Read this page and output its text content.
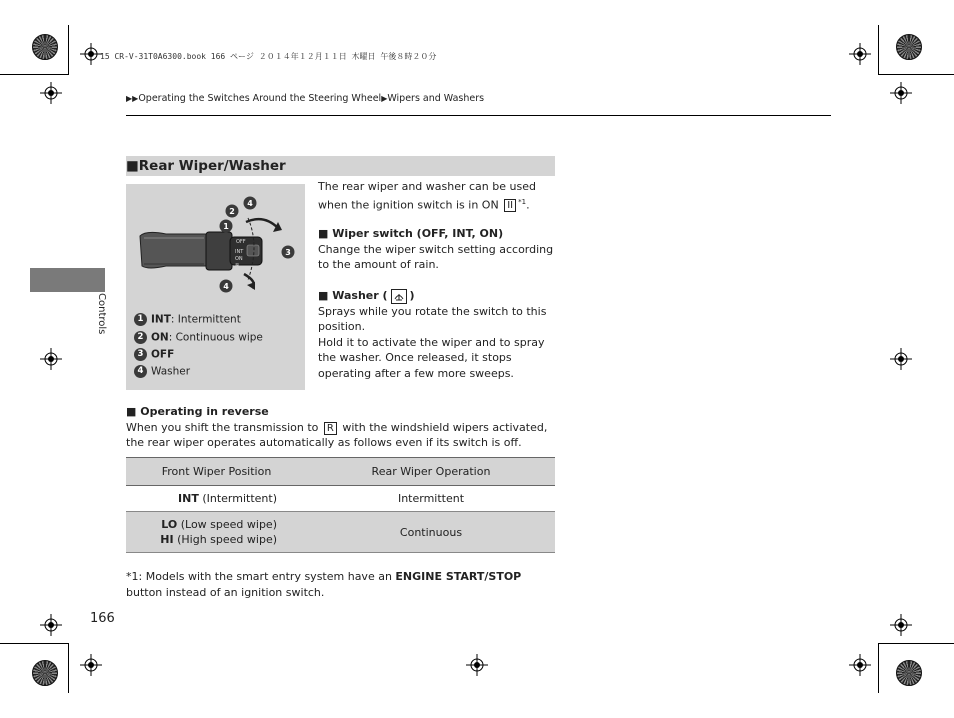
15 CR-V-31T0A6300.book 166 ページ ２０１４年１２月１１日 木曜日 午後８時２０分
▶▶Operating the Switches Around the Steering Wheel▶Wipers and Washers
Controls
■Rear Wiper/Washer
OFF
INT
ON
≋
1
2
4
3
4
1 INT: Intermittent
2 ON: Continuous wipe
3 OFF
4 Washer
The rear wiper and washer can be used when the ignition switch is in ON II $^{*1}$.
■ Wiper switch (OFF, INT, ON)
Change the wiper switch setting according to the amount of rain.
■ Washer ( )
Sprays while you rotate the switch to this position.
Hold it to activate the wiper and to spray the washer. Once released, it stops operating after a few more sweeps.
■ Operating in reverse
When you shift the transmission to R with the windshield wipers activated, the rear wiper operates automatically as follows even if its switch is off.
Front Wiper Position	Rear Wiper Operation
INT (Intermittent)	Intermittent
LO (Low speed wipe)
HI (High speed wipe)	Continuous
*1: Models with the smart entry system have an ENGINE START/STOP button instead of an ignition switch.
166
